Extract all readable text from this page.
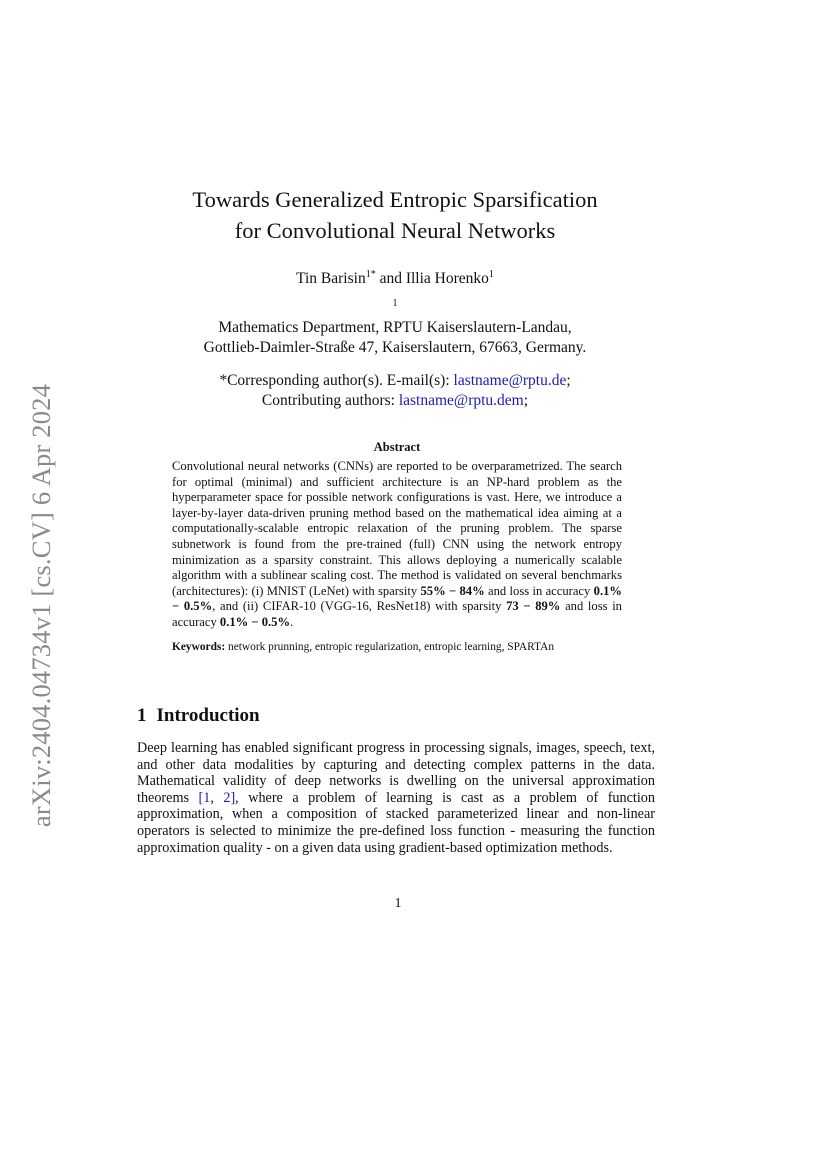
arXiv:2404.04734v1 [cs.CV] 6 Apr 2024
Towards Generalized Entropic Sparsification
for Convolutional Neural Networks
Tin Barisin$^{1*}$ and Illia Horenko$^1$
$^1$
Mathematics Department, RPTU Kaiserslautern-Landau,
Gottlieb-Daimler-Straße 47, Kaiserslautern, 67663, Germany.
*Corresponding author(s). E-mail(s): lastname@rptu.de;
Contributing authors: lastname@rptu.dem;
Abstract
Convolutional neural networks (CNNs) are reported to be overparametrized. The search for optimal (minimal) and sufficient architecture is an NP-hard problem as the hyperparameter space for possible network configurations is vast. Here, we introduce a layer-by-layer data-driven pruning method based on the mathematical idea aiming at a computationally-scalable entropic relaxation of the pruning problem. The sparse subnetwork is found from the pre-trained (full) CNN using the network entropy minimization as a sparsity constraint. This allows deploying a numerically scalable algorithm with a sublinear scaling cost. The method is validated on several benchmarks (architectures): (i) MNIST (LeNet) with sparsity 55% − 84% and loss in accuracy 0.1% − 0.5%, and (ii) CIFAR-10 (VGG-16, ResNet18) with sparsity 73 − 89% and loss in accuracy 0.1% − 0.5%.
Keywords: network prunning, entropic regularization, entropic learning, SPARTAn
1 Introduction
Deep learning has enabled significant progress in processing signals, images, speech, text, and other data modalities by capturing and detecting complex patterns in the data. Mathematical validity of deep networks is dwelling on the universal approximation theorems [1, 2], where a problem of learning is cast as a problem of function approximation, when a composition of stacked parameterized linear and non-linear operators is selected to minimize the pre-defined loss function - measuring the function approximation quality - on a given data using gradient-based optimization methods.
1
